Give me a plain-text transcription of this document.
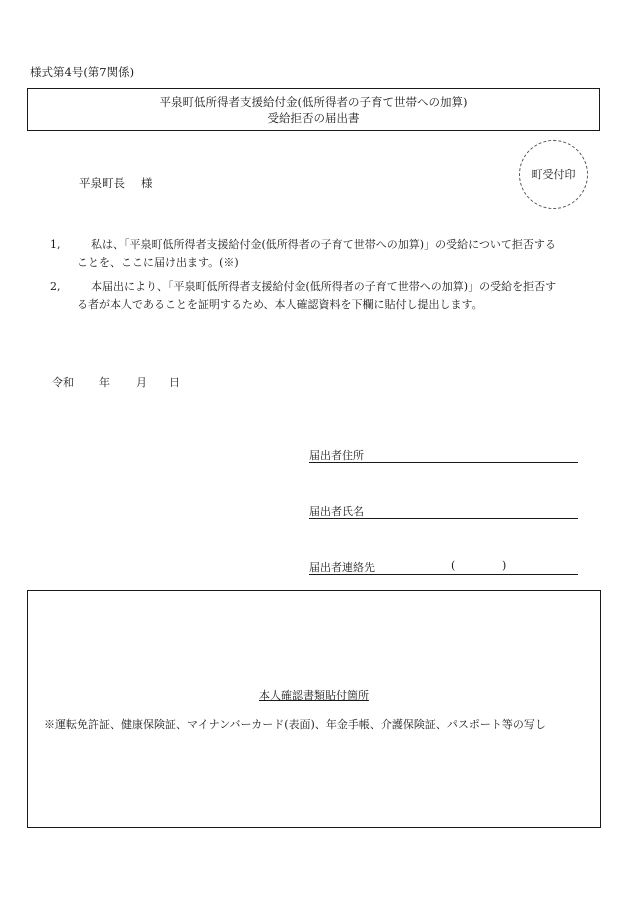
様式第4号(第7関係)
平泉町低所得者支援給付金(低所得者の子育て世帯への加算)
受給拒否の届出書
平泉町長 様
町受付印
1,	私は、「平泉町低所得者支援給付金(低所得者の子育て世帯への加算)」の受給について拒否する
ことを、ここに届け出ます。(※)
2,	本届出により、「平泉町低所得者支援給付金(低所得者の子育て世帯への加算)」の受給を拒否す
る者が本人であることを証明するため、本人確認資料を下欄に貼付し提出します。
令和 年 月 日
届出者住所
届出者氏名
届出者連絡先	(	)
本人確認書類貼付箇所
※運転免許証、健康保険証、マイナンバーカード(表面)、年金手帳、介護保険証、パスポート等の写し
